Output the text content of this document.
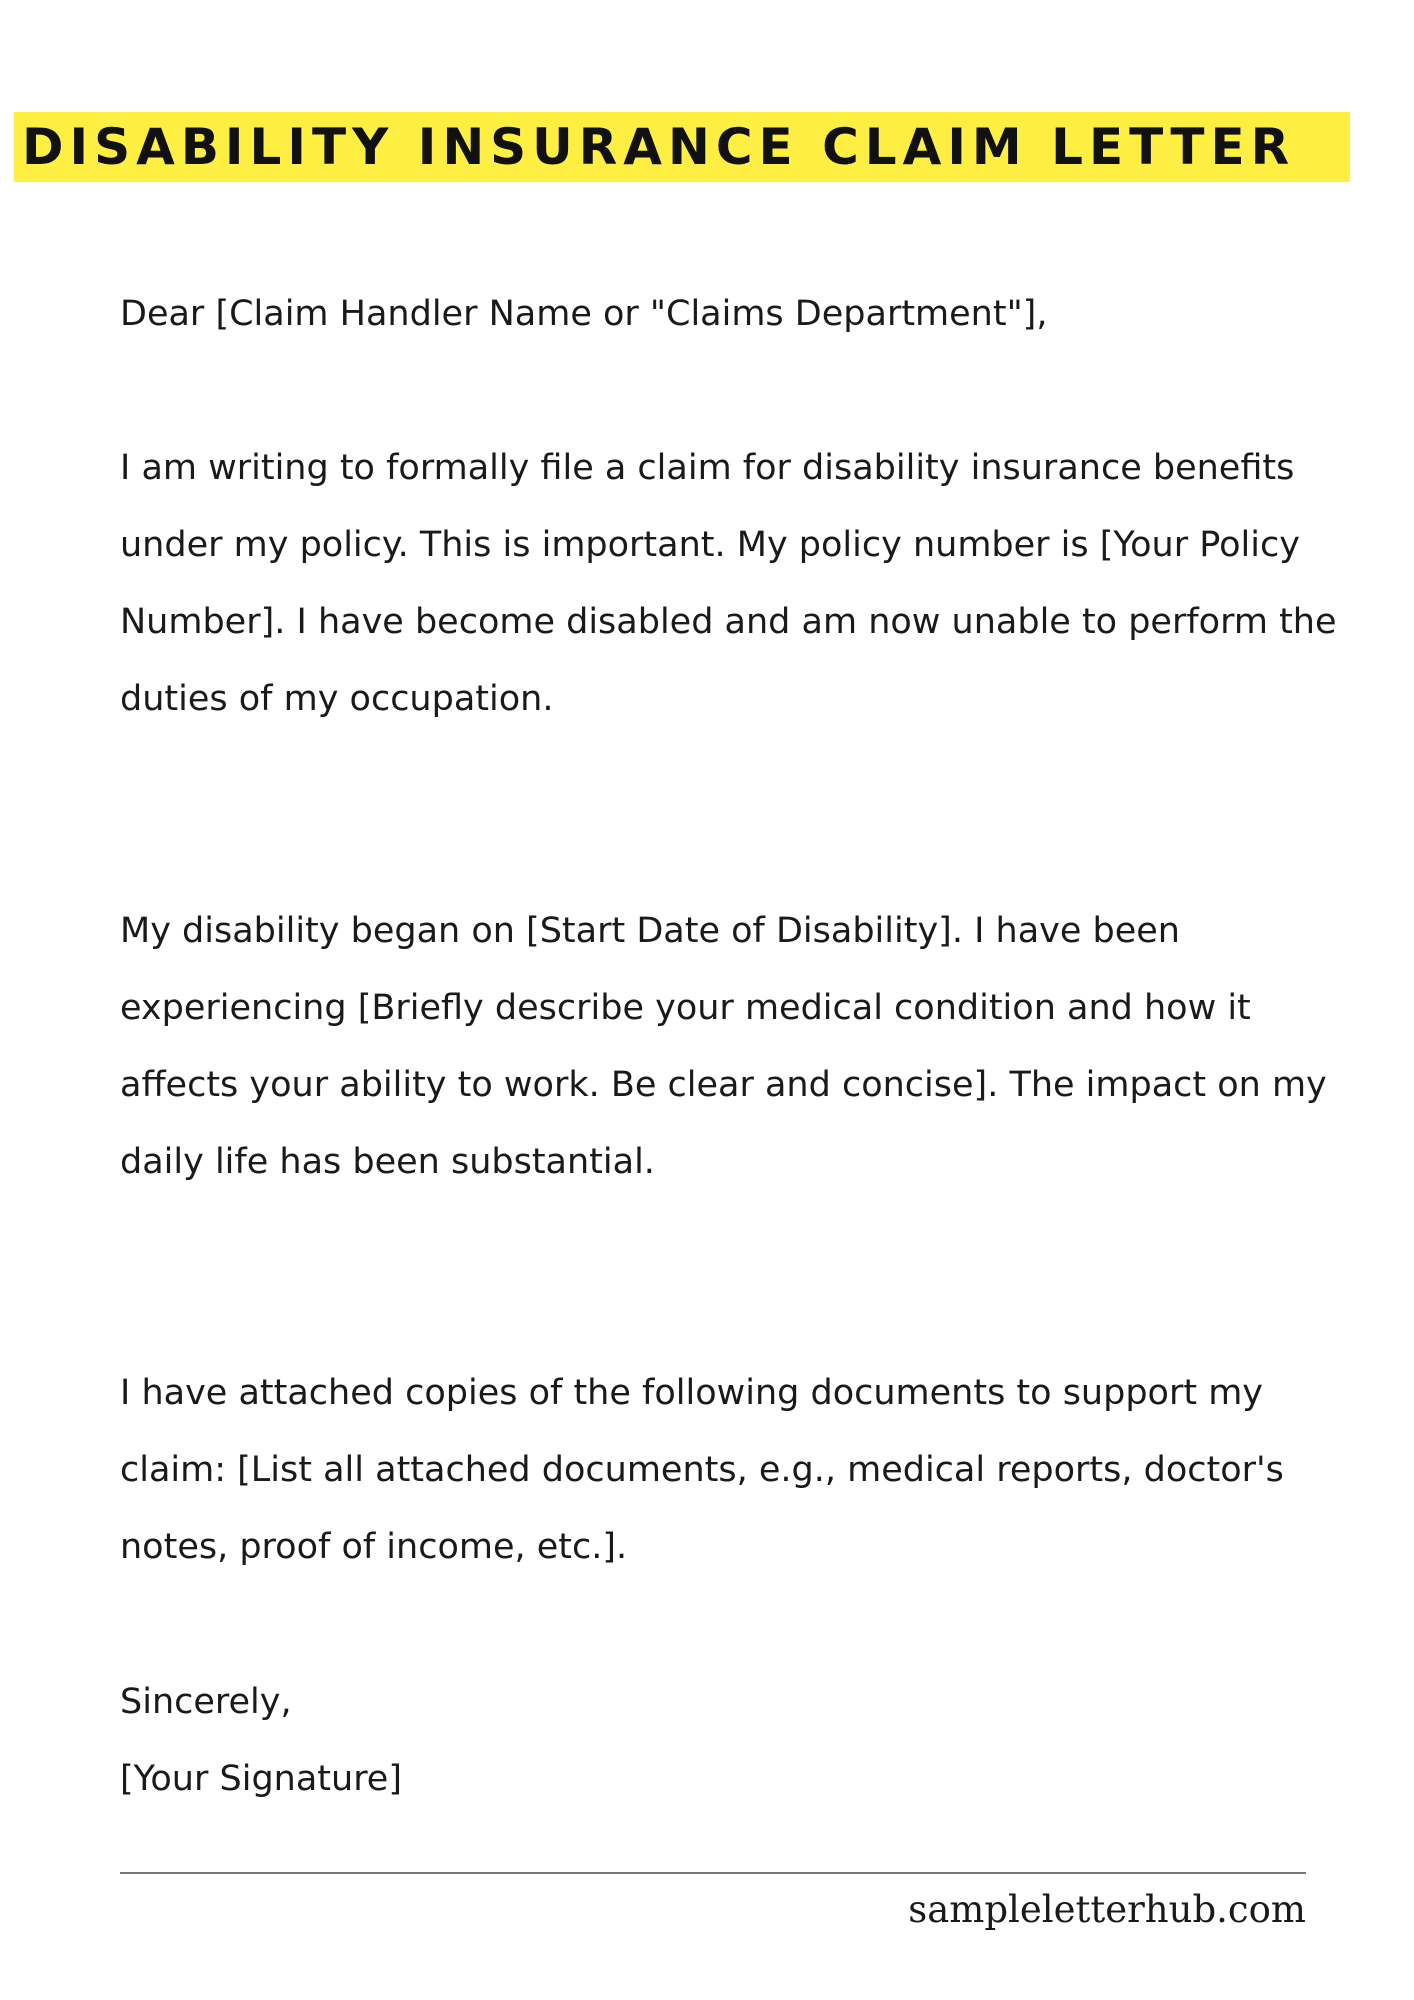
DISABILITY INSURANCE CLAIM LETTER

Dear [Claim Handler Name or "Claims Department"],

I am writing to formally file a claim for disability insurance benefits under my policy. This is important. My policy number is [Your Policy Number]. I have become disabled and am now unable to perform the duties of my occupation.

My disability began on [Start Date of Disability]. I have been experiencing [Briefly describe your medical condition and how it affects your ability to work. Be clear and concise]. The impact on my daily life has been substantial.

I have attached copies of the following documents to support my claim: [List all attached documents, e.g., medical reports, doctor's notes, proof of income, etc.].

Sincerely,

[Your Signature]

sampleletterhub.com
